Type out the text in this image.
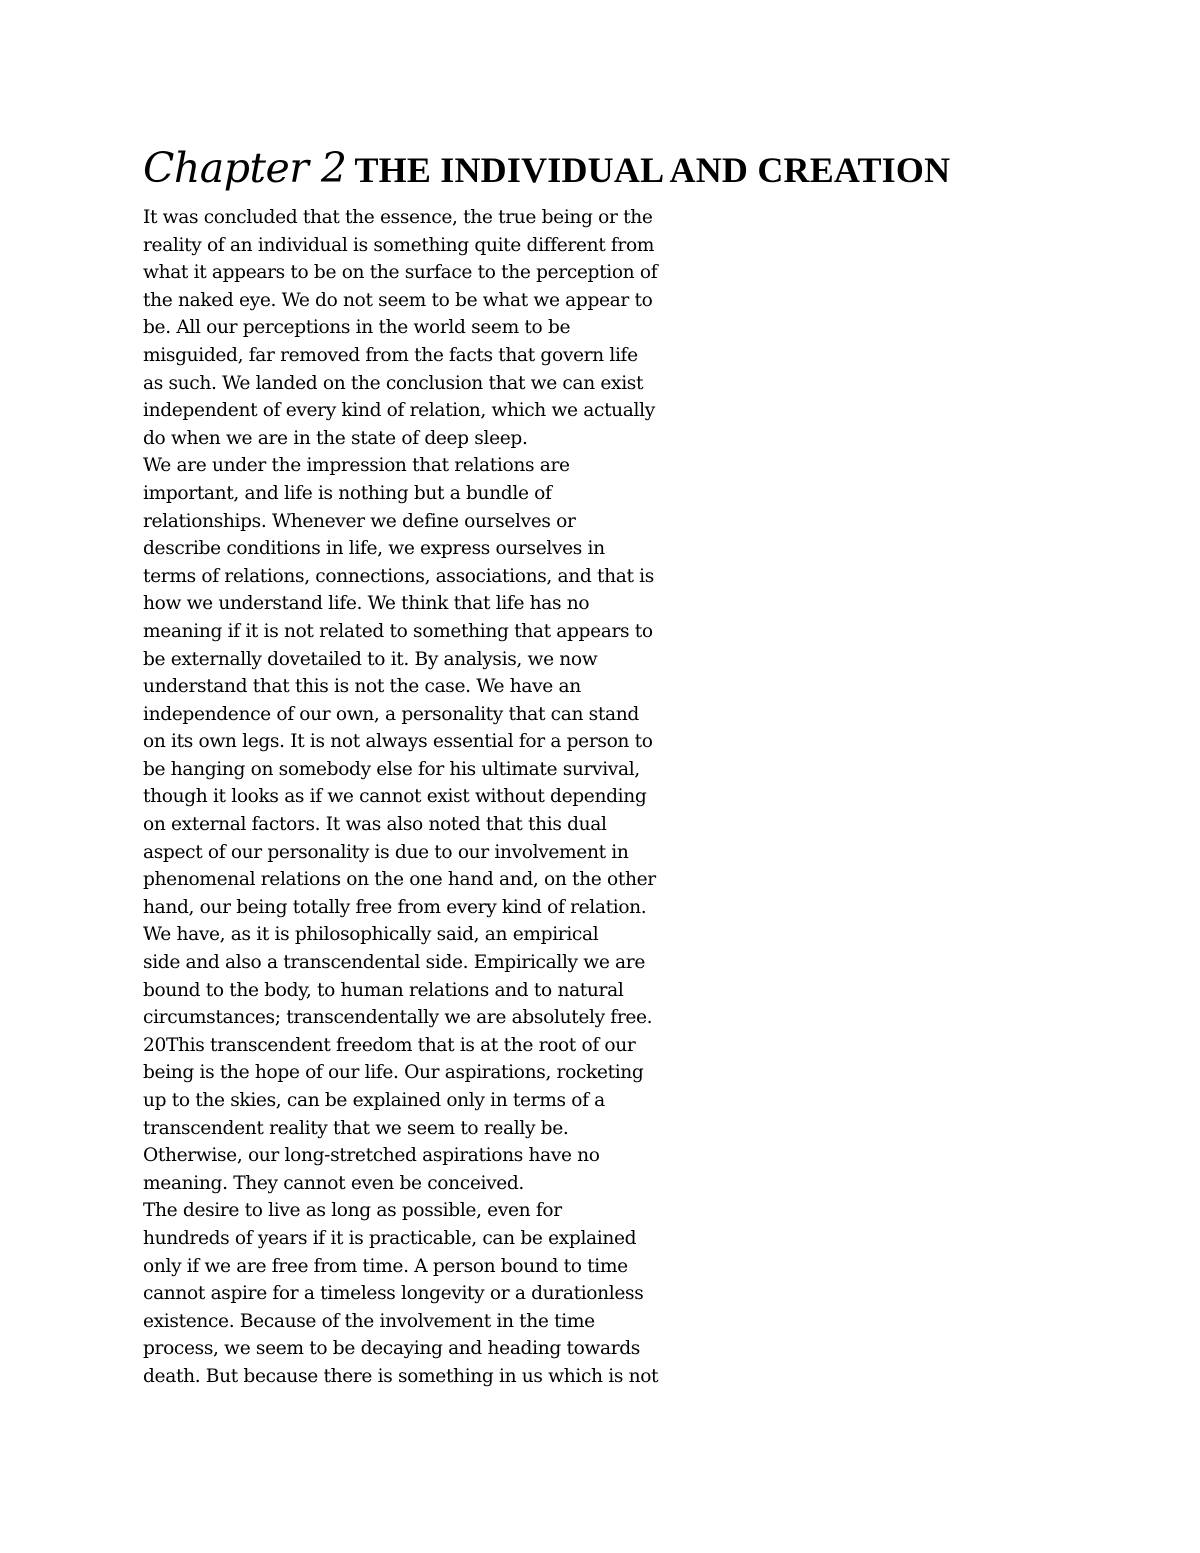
Chapter 2 THE INDIVIDUAL AND CREATION
It was concluded that the essence, the true being or the
reality of an individual is something quite different from
what it appears to be on the surface to the perception of
the naked eye. We do not seem to be what we appear to
be. All our perceptions in the world seem to be
misguided, far removed from the facts that govern life
as such. We landed on the conclusion that we can exist
independent of every kind of relation, which we actually
do when we are in the state of deep sleep.
We are under the impression that relations are
important, and life is nothing but a bundle of
relationships. Whenever we define ourselves or
describe conditions in life, we express ourselves in
terms of relations, connections, associations, and that is
how we understand life. We think that life has no
meaning if it is not related to something that appears to
be externally dovetailed to it. By analysis, we now
understand that this is not the case. We have an
independence of our own, a personality that can stand
on its own legs. It is not always essential for a person to
be hanging on somebody else for his ultimate survival,
though it looks as if we cannot exist without depending
on external factors. It was also noted that this dual
aspect of our personality is due to our involvement in
phenomenal relations on the one hand and, on the other
hand, our being totally free from every kind of relation.
We have, as it is philosophically said, an empirical
side and also a transcendental side. Empirically we are
bound to the body, to human relations and to natural
circumstances; transcendentally we are absolutely free.
20This transcendent freedom that is at the root of our
being is the hope of our life. Our aspirations, rocketing
up to the skies, can be explained only in terms of a
transcendent reality that we seem to really be.
Otherwise, our long-stretched aspirations have no
meaning. They cannot even be conceived.
The desire to live as long as possible, even for
hundreds of years if it is practicable, can be explained
only if we are free from time. A person bound to time
cannot aspire for a timeless longevity or a durationless
existence. Because of the involvement in the time
process, we seem to be decaying and heading towards
death. But because there is something in us which is not
